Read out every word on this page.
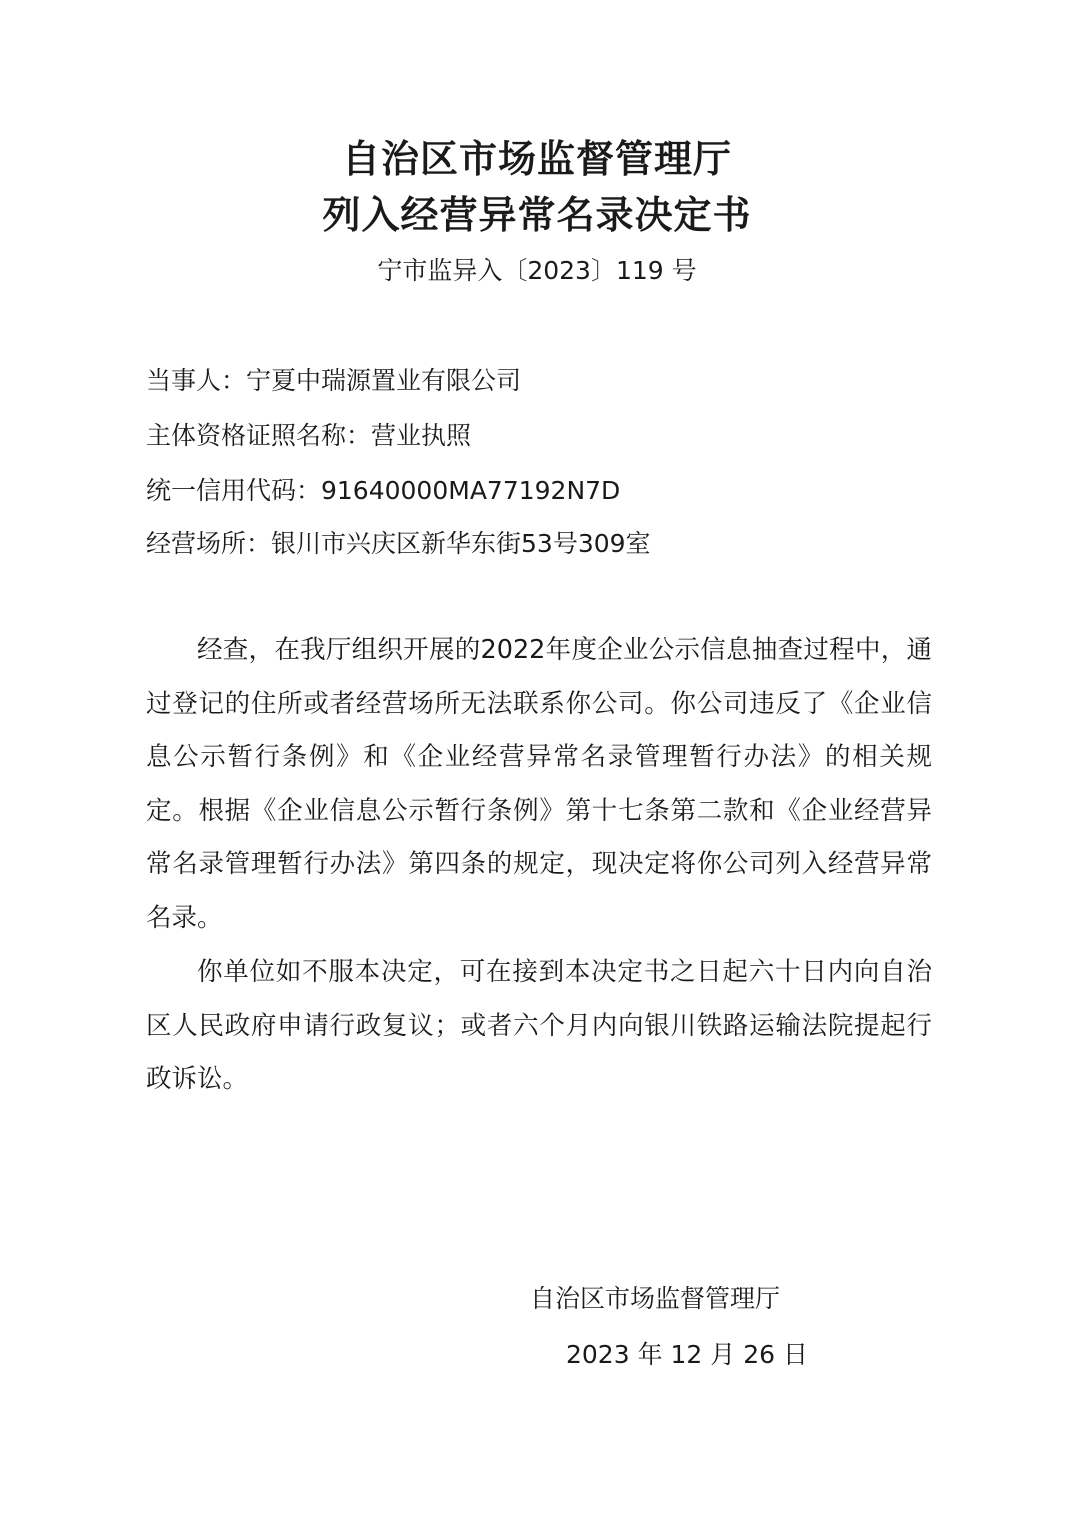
自治区市场监督管理厅
列入经营异常名录决定书
宁市监异入〔2023〕119 号
当事人：宁夏中瑞源置业有限公司
主体资格证照名称：营业执照
统一信用代码：91640000MA77192N7D
经营场所：银川市兴庆区新华东街53号309室

经查，在我厅组织开展的2022年度企业公示信息抽查过程中，通过登记的住所或者经营场所无法联系你公司。你公司违反了《企业信息公示暂行条例》和《企业经营异常名录管理暂行办法》的相关规定。根据《企业信息公示暂行条例》第十七条第二款和《企业经营异常名录管理暂行办法》第四条的规定，现决定将你公司列入经营异常名录。

你单位如不服本决定，可在接到本决定书之日起六十日内向自治区人民政府申请行政复议；或者六个月内向银川铁路运输法院提起行政诉讼。

自治区市场监督管理厅
2023 年 12 月 26 日
